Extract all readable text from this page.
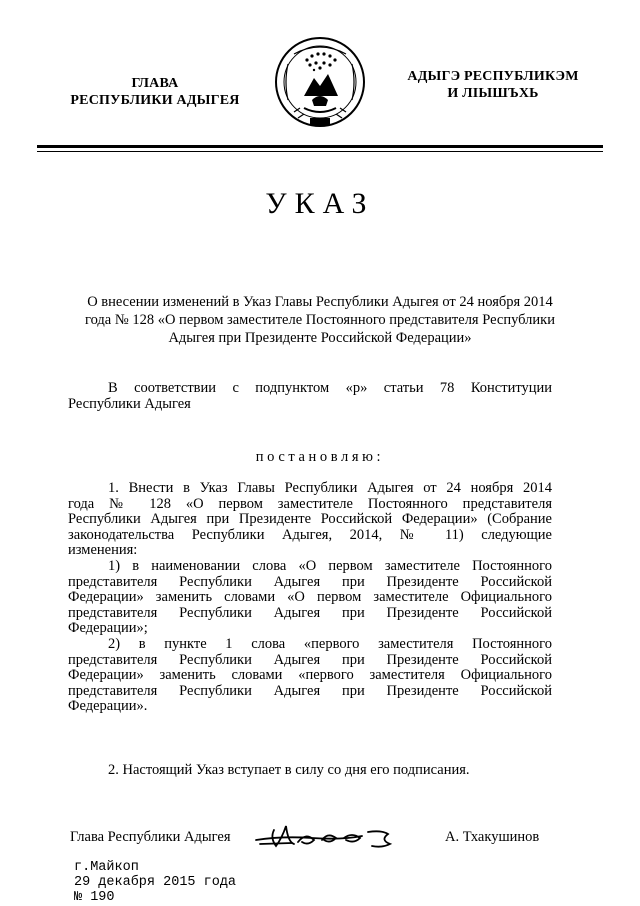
ГЛАВА
РЕСПУБЛИКИ АДЫГЕЯ
АДЫГЭ РЕСПУБЛИКЭМ
И ЛІЫШЪХЬ
УКАЗ
О внесении изменений в Указ Главы Республики Адыгея от 24 ноября 2014 года № 128 «О первом заместителе Постоянного представителя Республики Адыгея при Президенте Российской Федерации»
В соответствии с подпунктом «р» статьи 78 Конституции
Республики Адыгея
постановляю:

1. Внести в Указ Главы Республики Адыгея от 24 ноября 2014

года № 128 «О первом заместителе Постоянного представителя

Республики Адыгея при Президенте Российской Федерации» (Собрание

законодательства Республики Адыгея, 2014, № 11) следующие

изменения:

1) в наименовании слова «О первом заместителе Постоянного

представителя Республики Адыгея при Президенте Российской

Федерации» заменить словами «О первом заместителе Официального

представителя Республики Адыгея при Президенте Российской

Федерации»;

2) в пункте 1 слова «первого заместителя Постоянного

представителя Республики Адыгея при Президенте Российской

Федерации» заменить словами «первого заместителя Официального

представителя Республики Адыгея при Президенте Российской

Федерации».

2. Настоящий Указ вступает в силу со дня его подписания.
Глава Республики Адыгея	А. Тхакушинов
г.Майкоп
29 декабря 2015 года
№ 190
